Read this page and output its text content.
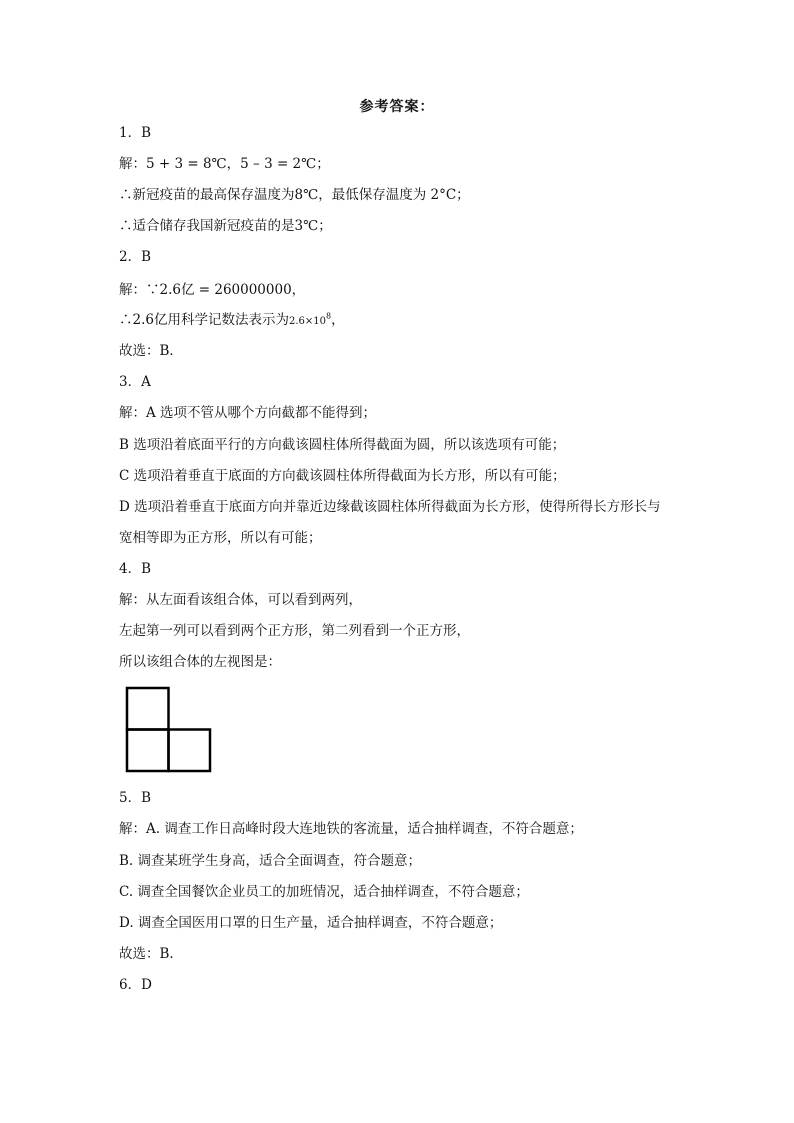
参考答案：
1．B
解：5 + 3 = 8℃，5 – 3 = 2℃；
∴新冠疫苗的最高保存温度为8℃，最低保存温度为 2°C；
∴适合储存我国新冠疫苗的是3℃；
2．B
解：∵2.6亿 = 260000000，
∴2.6亿用科学记数法表示为$2.6\times 10^8$，
故选：B．
3．A
解：A 选项不管从哪个方向截都不能得到；
B 选项沿着底面平行的方向截该圆柱体所得截面为圆，所以该选项有可能；
C 选项沿着垂直于底面的方向截该圆柱体所得截面为长方形，所以有可能；
D 选项沿着垂直于底面方向并靠近边缘截该圆柱体所得截面为长方形，使得所得长方形长与
宽相等即为正方形，所以有可能；
4．B
解：从左面看该组合体，可以看到两列，
左起第一列可以看到两个正方形，第二列看到一个正方形，
所以该组合体的左视图是：
5．B
解：A. 调查工作日高峰时段大连地铁的客流量，适合抽样调查，不符合题意；
B. 调查某班学生身高，适合全面调查，符合题意；
C. 调查全国餐饮企业员工的加班情况，适合抽样调查，不符合题意；
D. 调查全国医用口罩的日生产量，适合抽样调查，不符合题意；
故选：B．
6．D
